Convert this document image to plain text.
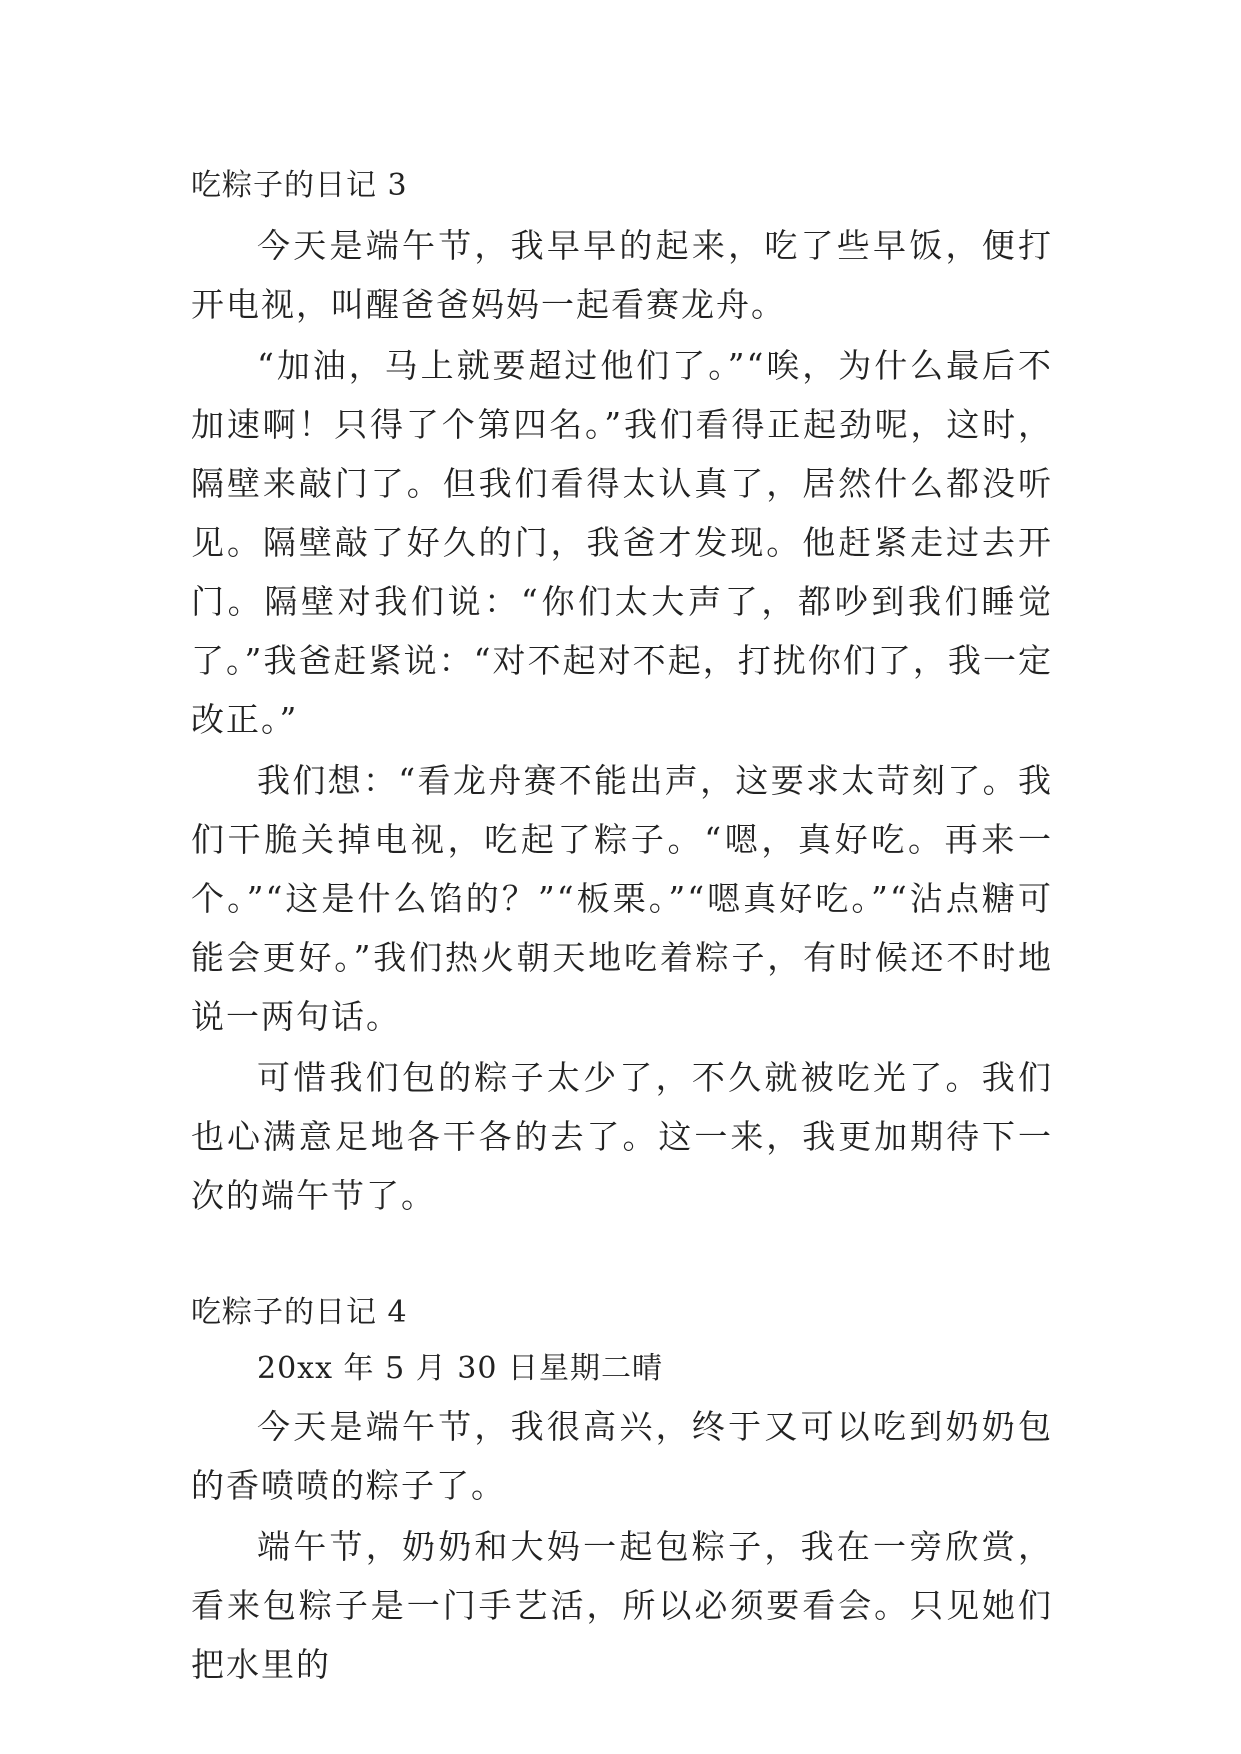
吃粽子的日记 3

今天是端午节，我早早的起来，吃了些早饭，便打开电视，叫醒爸爸妈妈一起看赛龙舟。

“加油，马上就要超过他们了。”“唉，为什么最后不加速啊！只得了个第四名。”我们看得正起劲呢，这时，隔壁来敲门了。但我们看得太认真了，居然什么都没听见。隔壁敲了好久的门，我爸才发现。他赶紧走过去开门。隔壁对我们说：“你们太大声了，都吵到我们睡觉了。”我爸赶紧说：“对不起对不起，打扰你们了，我一定改正。”

我们想：“看龙舟赛不能出声，这要求太苛刻了。我们干脆关掉电视，吃起了粽子。“嗯，真好吃。再来一个。”“这是什么馅的？”“板栗。”“嗯真好吃。”“沾点糖可能会更好。”我们热火朝天地吃着粽子，有时候还不时地说一两句话。

可惜我们包的粽子太少了，不久就被吃光了。我们也心满意足地各干各的去了。这一来，我更加期待下一次的端午节了。

吃粽子的日记 4

20xx 年 5 月 30 日星期二晴

今天是端午节，我很高兴，终于又可以吃到奶奶包的香喷喷的粽子了。

端午节，奶奶和大妈一起包粽子，我在一旁欣赏，看来包粽子是一门手艺活，所以必须要看会。只见她们把水里的
